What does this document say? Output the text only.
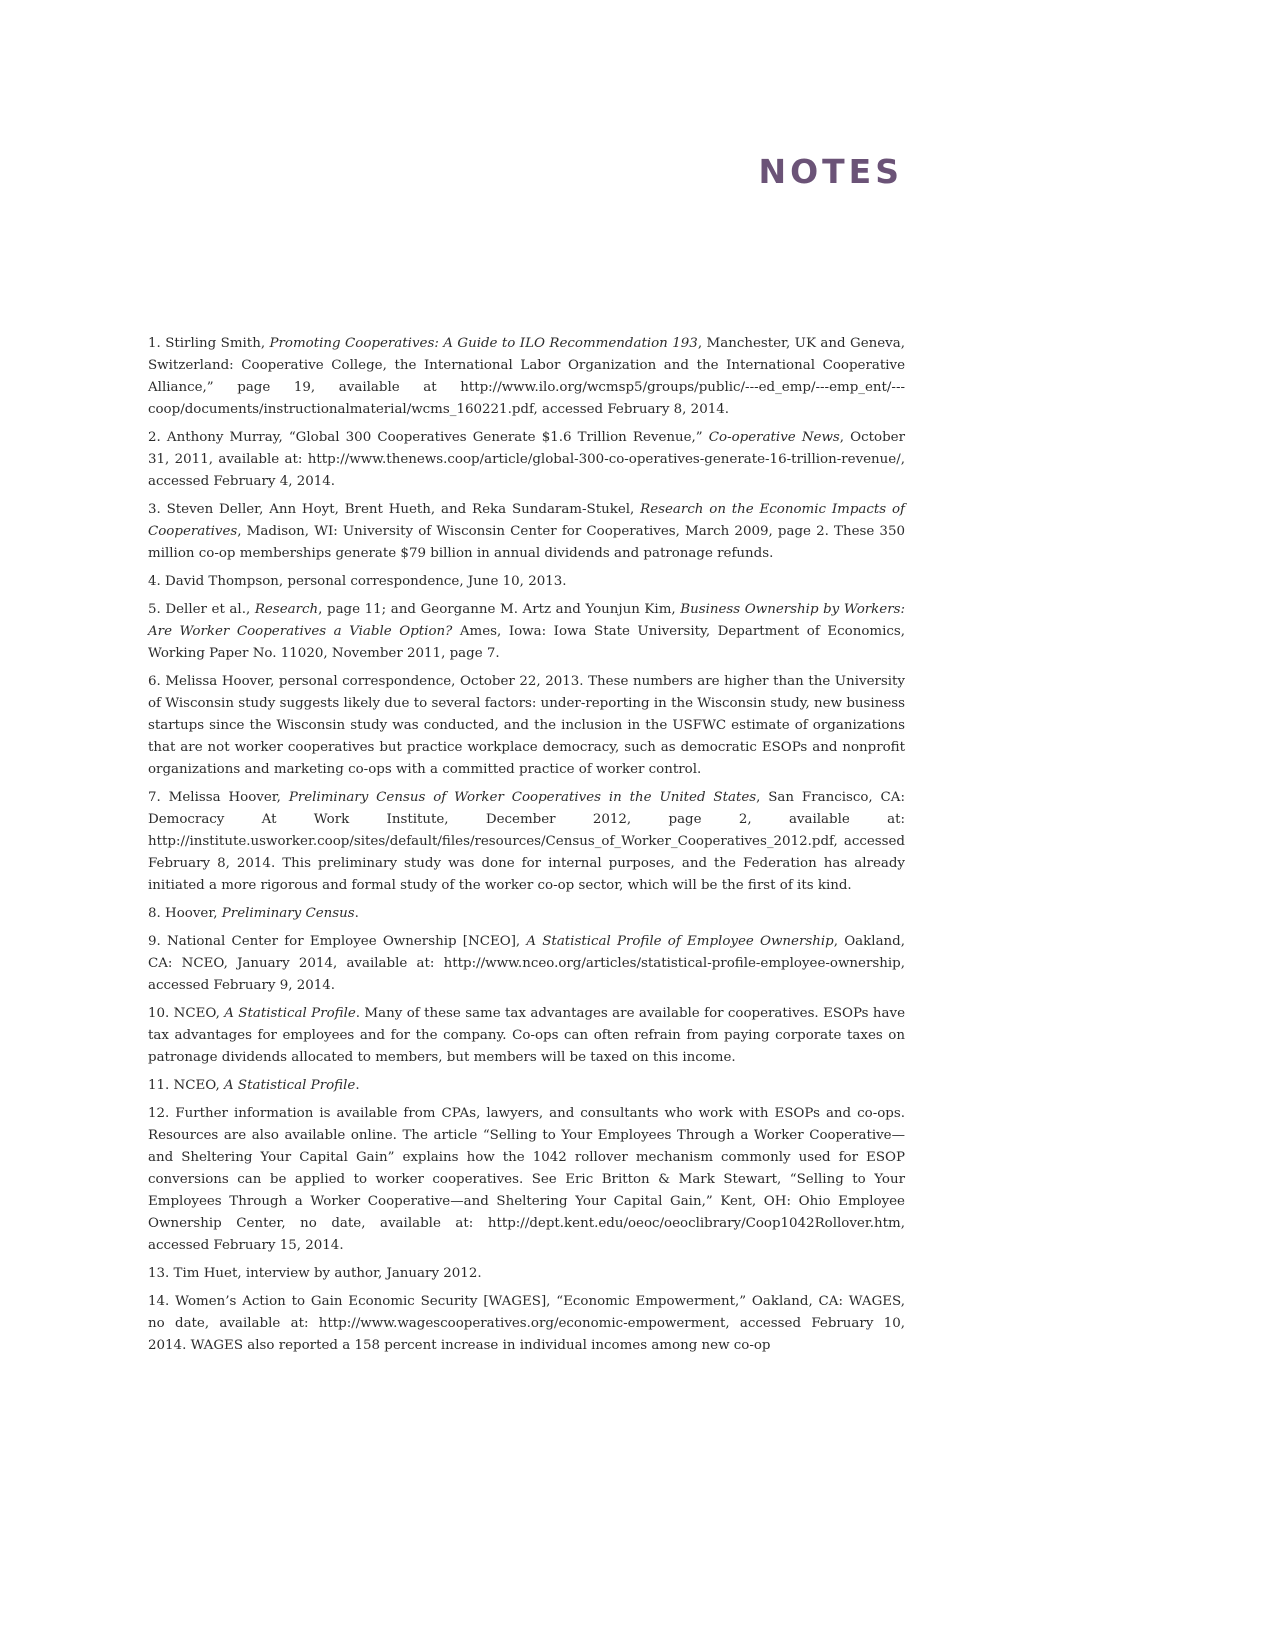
NOTES

1. Stirling Smith, Promoting Cooperatives: A Guide to ILO Recommendation 193, Manchester, UK and Geneva, Switzerland: Cooperative College, the International Labor Organization and the International Cooperative Alliance,” page 19, available at http://www.ilo.org/wcmsp5/groups/public/---ed_emp/---emp_ent/---coop/documents/instructionalmaterial/wcms_160221.pdf, accessed February 8, 2014.

2. Anthony Murray, “Global 300 Cooperatives Generate $1.6 Trillion Revenue,” Co-operative News, October 31, 2011, available at: http://www.thenews.coop/article/global-300-co-operatives-generate-16-trillion-revenue/, accessed February 4, 2014.

3. Steven Deller, Ann Hoyt, Brent Hueth, and Reka Sundaram-Stukel, Research on the Economic Impacts of Cooperatives, Madison, WI: University of Wisconsin Center for Cooperatives, March 2009, page 2. These 350 million co-op memberships generate $79 billion in annual dividends and patronage refunds.

4. David Thompson, personal correspondence, June 10, 2013.

5. Deller et al., Research, page 11; and Georganne M. Artz and Younjun Kim, Business Ownership by Workers: Are Worker Cooperatives a Viable Option? Ames, Iowa: Iowa State University, Department of Economics, Working Paper No. 11020, November 2011, page 7.

6. Melissa Hoover, personal correspondence, October 22, 2013. These numbers are higher than the University of Wisconsin study suggests likely due to several factors: under-reporting in the Wisconsin study, new business startups since the Wisconsin study was conducted, and the inclusion in the USFWC estimate of organizations that are not worker cooperatives but practice workplace democracy, such as democratic ESOPs and nonprofit organizations and marketing co-ops with a committed practice of worker control.

7. Melissa Hoover, Preliminary Census of Worker Cooperatives in the United States, San Francisco, CA: Democracy At Work Institute, December 2012, page 2, available at: http://institute.usworker.coop/sites/default/files/resources/Census_of_Worker_Cooperatives_2012.pdf, accessed February 8, 2014. This preliminary study was done for internal purposes, and the Federation has already initiated a more rigorous and formal study of the worker co-op sector, which will be the first of its kind.

8. Hoover, Preliminary Census.

9. National Center for Employee Ownership [NCEO], A Statistical Profile of Employee Ownership, Oakland, CA: NCEO, January 2014, available at: http://www.nceo.org/articles/statistical-profile-employee-ownership, accessed February 9, 2014.

10. NCEO, A Statistical Profile. Many of these same tax advantages are available for cooperatives. ESOPs have tax advantages for employees and for the company. Co-ops can often refrain from paying corporate taxes on patronage dividends allocated to members, but members will be taxed on this income.

11. NCEO, A Statistical Profile.

12. Further information is available from CPAs, lawyers, and consultants who work with ESOPs and co-ops. Resources are also available online. The article “Selling to Your Employees Through a Worker Cooperative—and Sheltering Your Capital Gain” explains how the 1042 rollover mechanism commonly used for ESOP conversions can be applied to worker cooperatives. See Eric Britton & Mark Stewart, “Selling to Your Employees Through a Worker Cooperative—and Sheltering Your Capital Gain,” Kent, OH: Ohio Employee Ownership Center, no date, available at: http://dept.kent.edu/oeoc/oeoclibrary/Coop1042Rollover.htm, accessed February 15, 2014.

13. Tim Huet, interview by author, January 2012.

14. Women’s Action to Gain Economic Security [WAGES], “Economic Empowerment,” Oakland, CA: WAGES, no date, available at: http://www.wagescooperatives.org/economic-empowerment, accessed February 10, 2014. WAGES also reported a 158 percent increase in individual incomes among new co-op
